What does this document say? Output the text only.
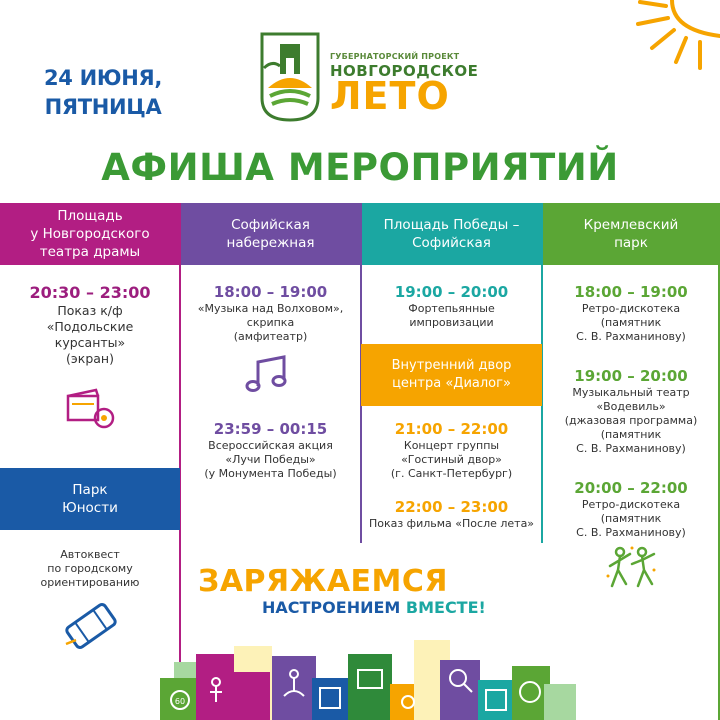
24 ИЮНЯ,
ПЯТНИЦА
ГУБЕРНАТОРСКИЙ ПРОЕКТ
НОВГОРОДСКОЕ
ЛЕТО
АФИША МЕРОПРИЯТИЙ
Площадь
у Новгородского
театра драмы
Софийская
набережная
Площадь Победы –
Софийская
Кремлевский
парк
20:30 – 23:00
Показ к/ф
«Подольские
курсанты»
(экран)
Парк
Юности
Автоквест
по городскому
ориентированию
18:00 – 19:00
«Музыка над Волховом»,
скрипка
(амфитеатр)
23:59 – 00:15
Всероссийская акция
«Лучи Победы»
(у Монумента Победы)
19:00 – 20:00
Фортепьянные
импровизации
Внутренний двор
центра «Диалог»
21:00 – 22:00
Концерт группы
«Гостиный двор»
(г. Санкт-Петербург)
22:00 – 23:00
Показ фильма «После лета»
18:00 – 19:00
Ретро-дискотека
(памятник
С. В. Рахманинову)
19:00 – 20:00
Музыкальный театр
«Водевиль»
(джазовая программа)
(памятник
С. В. Рахманинову)
20:00 – 22:00
Ретро-дискотека
(памятник
С. В. Рахманинову)
ЗАРЯЖАЕМСЯ
НАСТРОЕНИЕМ ВМЕСТЕ!
60
